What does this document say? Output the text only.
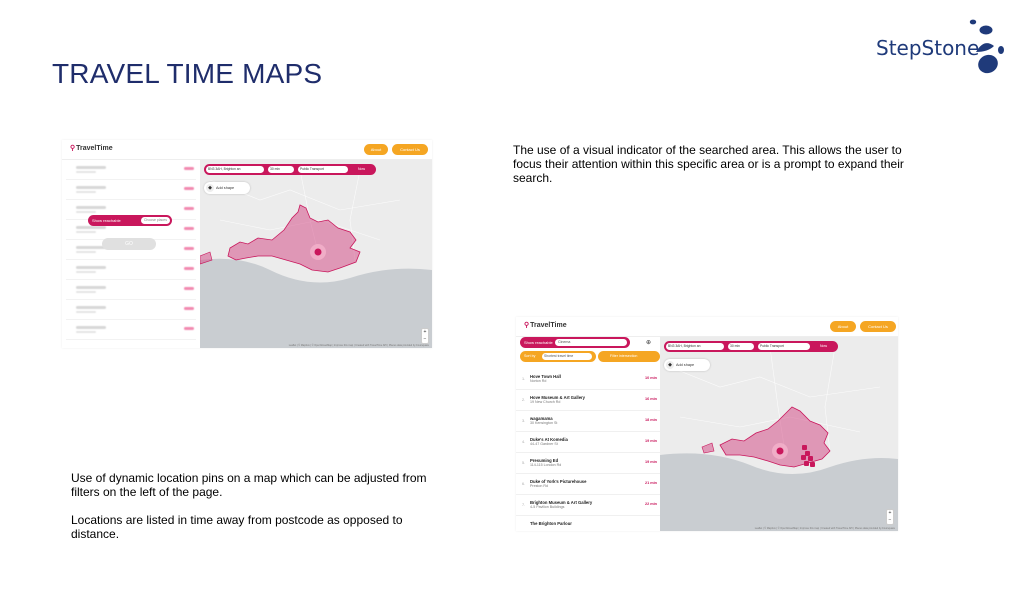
TRAVEL TIME MAPS
StepStone

The use of a visual indicator of the searched area. This allows the user to focus their attention within this specific area or is a prompt to expand their search.

Use of dynamic location pins on a map which can be adjusted from filters on the left of the page.

Locations are listed in time away from postcode as opposed to distance.

⚲TravelTime	About	Contact Us
Show reachable	Choose places
GO
BN3 3AH, Brighton an	30 min	Public Transport	Now
◆	Add shape
+
−
Leaflet | © Mapbox | © OpenStreetMap | Improve this map | Created with TravelTime API | Places data provided by Foursquare
⚲TravelTime	About	Contact Us
Show reachable	Cinema	⊕
Sort by	Shortest travel time	Filter intersection
1. Hove Town Hall
Norton Rd
10 min
2. Hove Museum & Art Gallery
19 New Church Rd
16 min
3. wagamama
30 Kensington St
18 min
4. Duke's At Komedia
44-47 Gardner St
19 min
5. Presuming Ed
114-115 London Rd
19 min
6. Duke of York's Picturehouse
Preston Rd
21 min
7. Brighton Museum & Art Gallery
4-5 Pavilion Buildings
22 min
The Brighton Parlour
BN3 3AH, Brighton an	30 min	Public Transport	Now
◆	Add shape
+
−
Leaflet | © Mapbox | © OpenStreetMap | Improve this map | Created with TravelTime API | Places data provided by Foursquare
